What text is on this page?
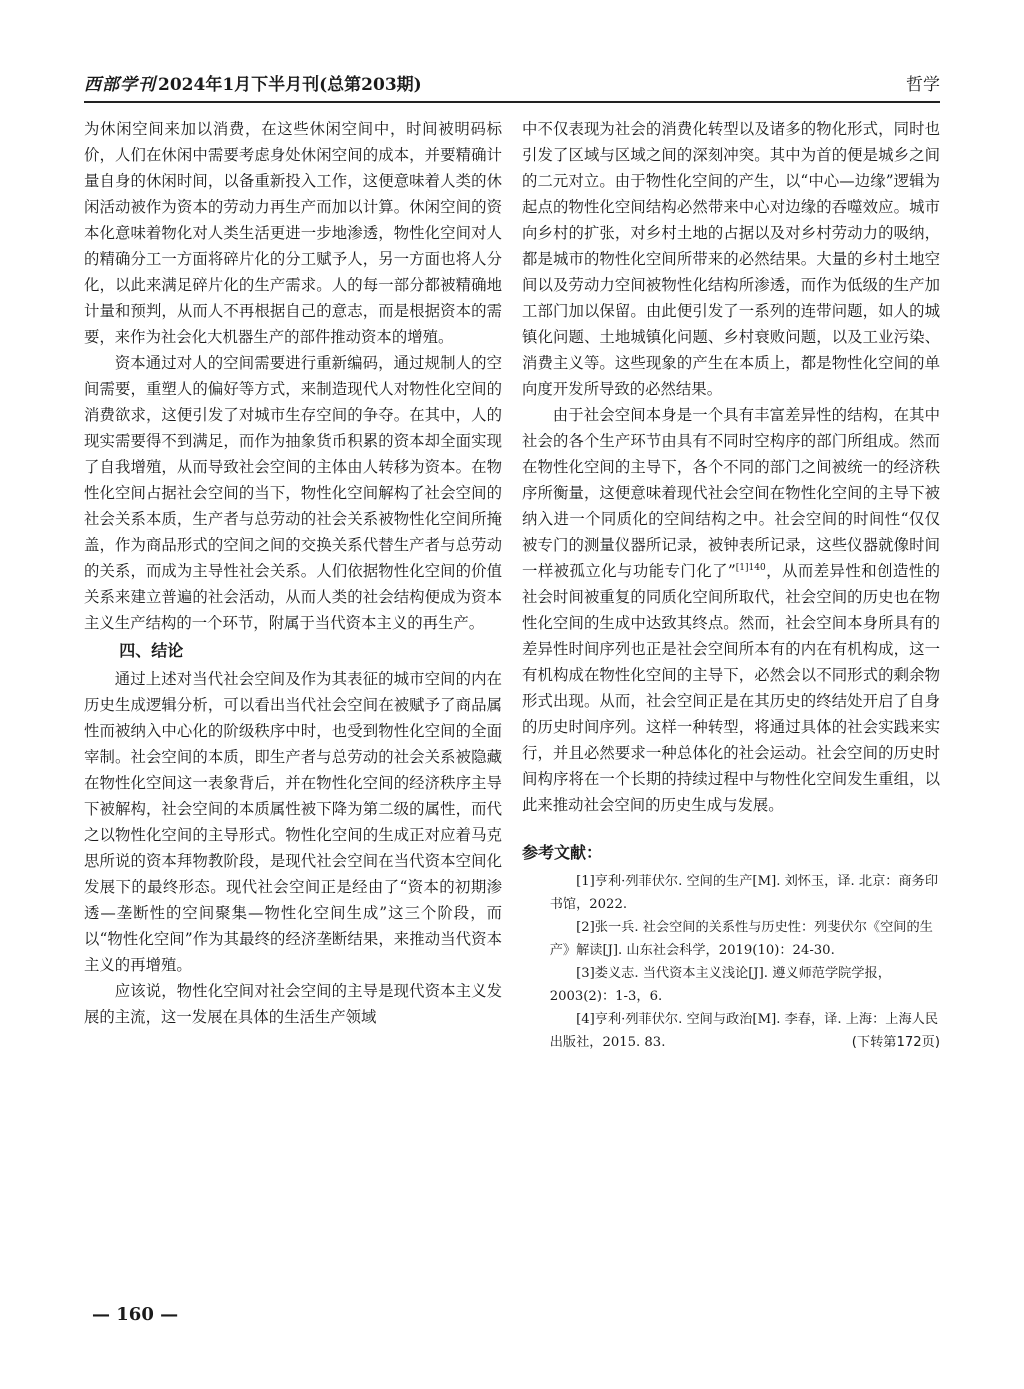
西部学刊 2024年1月下半月刊(总第203期)	哲学

为休闲空间来加以消费，在这些休闲空间中，时间被明码标价，人们在休闲中需要考虑身处休闲空间的成本，并要精确计量自身的休闲时间，以备重新投入工作，这便意味着人类的休闲活动被作为资本的劳动力再生产而加以计算。休闲空间的资本化意味着物化对人类生活更进一步地渗透，物性化空间对人的精确分工一方面将碎片化的分工赋予人，另一方面也将人分化，以此来满足碎片化的生产需求。人的每一部分都被精确地计量和预判，从而人不再根据自己的意志，而是根据资本的需要，来作为社会化大机器生产的部件推动资本的增殖。

资本通过对人的空间需要进行重新编码，通过规制人的空间需要，重塑人的偏好等方式，来制造现代人对物性化空间的消费欲求，这便引发了对城市生存空间的争夺。在其中，人的现实需要得不到满足，而作为抽象货币积累的资本却全面实现了自我增殖，从而导致社会空间的主体由人转移为资本。在物性化空间占据社会空间的当下，物性化空间解构了社会空间的社会关系本质，生产者与总劳动的社会关系被物性化空间所掩盖，作为商品形式的空间之间的交换关系代替生产者与总劳动的关系，而成为主导性社会关系。人们依据物性化空间的价值关系来建立普遍的社会活动，从而人类的社会结构便成为资本主义生产结构的一个环节，附属于当代资本主义的再生产。

四、结论

通过上述对当代社会空间及作为其表征的城市空间的内在历史生成逻辑分析，可以看出当代社会空间在被赋予了商品属性而被纳入中心化的阶级秩序中时，也受到物性化空间的全面宰制。社会空间的本质，即生产者与总劳动的社会关系被隐藏在物性化空间这一表象背后，并在物性化空间的经济秩序主导下被解构，社会空间的本质属性被下降为第二级的属性，而代之以物性化空间的主导形式。物性化空间的生成正对应着马克思所说的资本拜物教阶段，是现代社会空间在当代资本空间化发展下的最终形态。现代社会空间正是经由了“资本的初期渗透—垄断性的空间聚集—物性化空间生成”这三个阶段，而以“物性化空间”作为其最终的经济垄断结果，来推动当代资本主义的再增殖。

应该说，物性化空间对社会空间的主导是现代资本主义发展的主流，这一发展在具体的生活生产领域

中不仅表现为社会的消费化转型以及诸多的物化形式，同时也引发了区域与区域之间的深刻冲突。其中为首的便是城乡之间的二元对立。由于物性化空间的产生，以“中心—边缘”逻辑为起点的物性化空间结构必然带来中心对边缘的吞噬效应。城市向乡村的扩张，对乡村土地的占据以及对乡村劳动力的吸纳，都是城市的物性化空间所带来的必然结果。大量的乡村土地空间以及劳动力空间被物性化结构所渗透，而作为低级的生产加工部门加以保留。由此便引发了一系列的连带问题，如人的城镇化问题、土地城镇化问题、乡村衰败问题，以及工业污染、消费主义等。这些现象的产生在本质上，都是物性化空间的单向度开发所导致的必然结果。

由于社会空间本身是一个具有丰富差异性的结构，在其中社会的各个生产环节由具有不同时空构序的部门所组成。然而在物性化空间的主导下，各个不同的部门之间被统一的经济秩序所衡量，这便意味着现代社会空间在物性化空间的主导下被纳入进一个同质化的空间结构之中。社会空间的时间性“仅仅被专门的测量仪器所记录，被钟表所记录，这些仪器就像时间一样被孤立化与功能专门化了”$^{[1]140}$，从而差异性和创造性的社会时间被重复的同质化空间所取代，社会空间的历史也在物性化空间的生成中达致其终点。然而，社会空间本身所具有的差异性时间序列也正是社会空间所本有的内在有机构成，这一有机构成在物性化空间的主导下，必然会以不同形式的剩余物形式出现。从而，社会空间正是在其历史的终结处开启了自身的历史时间序列。这样一种转型，将通过具体的社会实践来实行，并且必然要求一种总体化的社会运动。社会空间的历史时间构序将在一个长期的持续过程中与物性化空间发生重组，以此来推动社会空间的历史生成与发展。

参考文献：

[1]亨利·列菲伏尔. 空间的生产[M]. 刘怀玉，译. 北京：商务印书馆，2022.

[2]张一兵. 社会空间的关系性与历史性：列斐伏尔《空间的生产》解读[J]. 山东社会科学，2019(10)：24-30.

[3]娄义志. 当代资本主义浅论[J]. 遵义师范学院学报，2003(2)：1-3，6.

[4]亨利·列菲伏尔. 空间与政治[M]. 李春，译. 上海：上海人民出版社，2015. 83.	(下转第172页)
— 160 —
